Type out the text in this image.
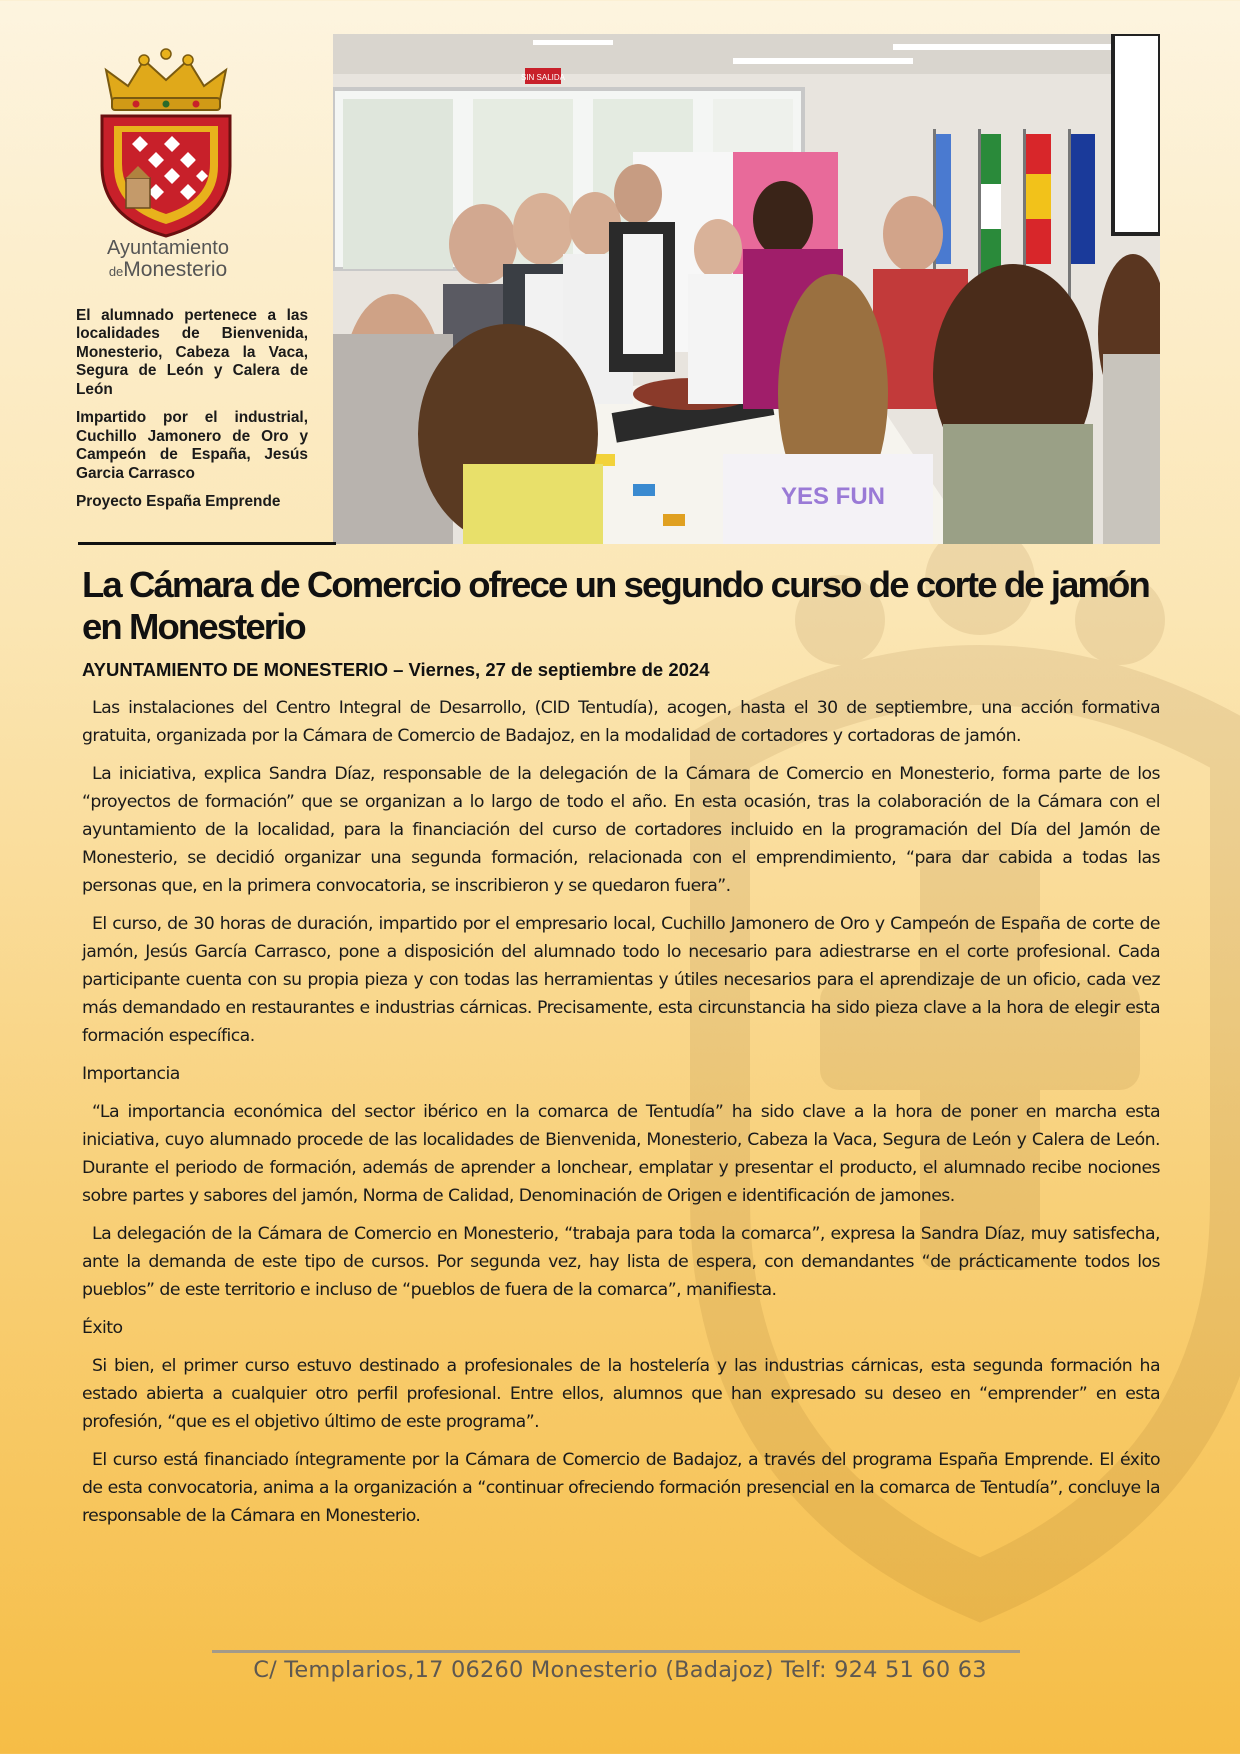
Ayuntamiento
deMonesterio

El alumnado pertenece a las localidades de Bienvenida, Monesterio, Cabeza la Vaca, Segura de León y Calera de León

Impartido por el industrial, Cuchillo Jamonero de Oro y Campeón de España, Jesús Garcia Carrasco

Proyecto España Emprende

SIN SALIDA
YES FUN
La Cámara de Comercio ofrece un segundo curso de corte de jamón en Monesterio
AYUNTAMIENTO DE MONESTERIO – Viernes, 27 de septiembre de 2024

Las instalaciones del Centro Integral de Desarrollo, (CID Tentudía), acogen, hasta el 30 de septiembre, una acción formativa gratuita, organizada por la Cámara de Comercio de Badajoz, en la modalidad de cortadores y cortadoras de jamón.

La iniciativa, explica Sandra Díaz, responsable de la delegación de la Cámara de Comercio en Monesterio, forma parte de los “proyectos de formación” que se organizan a lo largo de todo el año. En esta ocasión, tras la colaboración de la Cámara con el ayuntamiento de la localidad, para la financiación del curso de cortadores incluido en la programación del Día del Jamón de Monesterio, se decidió organizar una segunda formación, relacionada con el emprendimiento, “para dar cabida a todas las personas que, en la primera convocatoria, se inscribieron y se quedaron fuera”.

El curso, de 30 horas de duración, impartido por el empresario local, Cuchillo Jamonero de Oro y Campeón de España de corte de jamón, Jesús García Carrasco, pone a disposición del alumnado todo lo necesario para adiestrarse en el corte profesional. Cada participante cuenta con su propia pieza y con todas las herramientas y útiles necesarios para el aprendizaje de un oficio, cada vez más demandado en restaurantes e industrias cárnicas. Precisamente, esta circunstancia ha sido pieza clave a la hora de elegir esta formación específica.

Importancia

“La importancia económica del sector ibérico en la comarca de Tentudía” ha sido clave a la hora de poner en marcha esta iniciativa, cuyo alumnado procede de las localidades de Bienvenida, Monesterio, Cabeza la Vaca, Segura de León y Calera de León. Durante el periodo de formación, además de aprender a lonchear, emplatar y presentar el producto, el alumnado recibe nociones sobre partes y sabores del jamón, Norma de Calidad, Denominación de Origen e identificación de jamones.

La delegación de la Cámara de Comercio en Monesterio, “trabaja para toda la comarca”, expresa la Sandra Díaz, muy satisfecha, ante la demanda de este tipo de cursos. Por segunda vez, hay lista de espera, con demandantes “de prácticamente todos los pueblos” de este territorio e incluso de “pueblos de fuera de la comarca”, manifiesta.

Éxito

Si bien, el primer curso estuvo destinado a profesionales de la hostelería y las industrias cárnicas, esta segunda formación ha estado abierta a cualquier otro perfil profesional. Entre ellos, alumnos que han expresado su deseo en “emprender” en esta profesión, “que es el objetivo último de este programa”.

El curso está financiado íntegramente por la Cámara de Comercio de Badajoz, a través del programa España Emprende. El éxito de esta convocatoria, anima a la organización a “continuar ofreciendo formación presencial en la comarca de Tentudía”, concluye la responsable de la Cámara en Monesterio.

C/ Templarios,17 06260 Monesterio (Badajoz) Telf: 924 51 60 63
